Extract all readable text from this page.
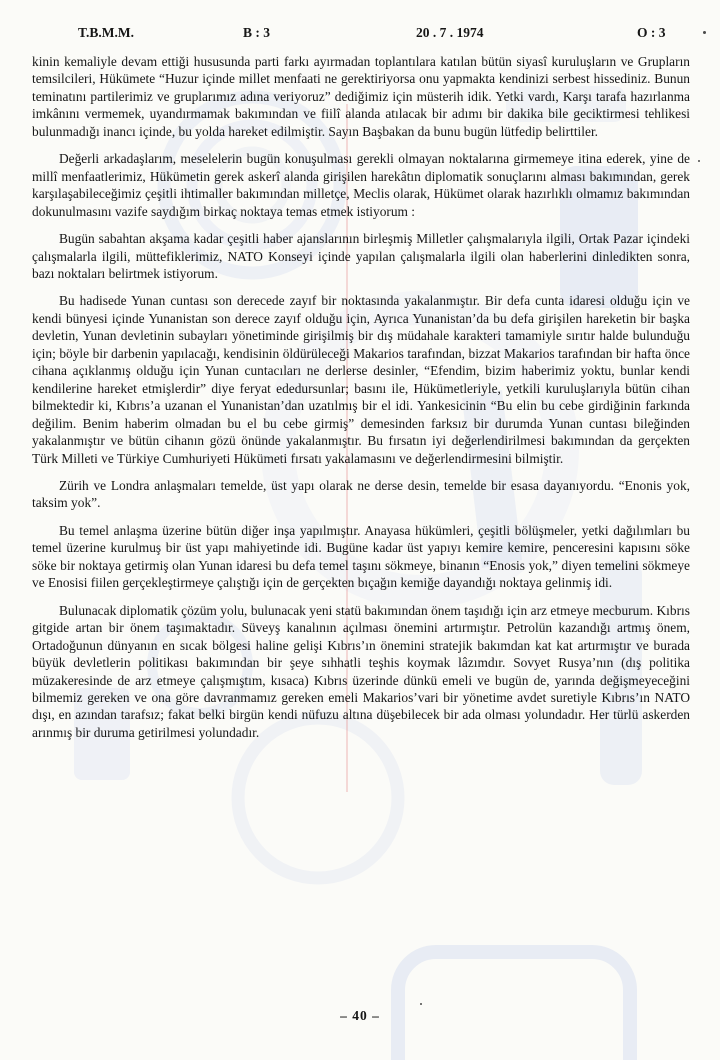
T.B.M.M.	B : 3	20 . 7 . 1974	O : 3

kinin kemaliyle devam ettiği hususunda parti farkı ayırmadan toplantılara katılan bütün siyasî kuruluşların ve Grupların temsilcileri, Hükümete “Huzur içinde millet menfaati ne gerektiriyorsa onu yapmakta kendinizi serbest hissediniz. Bunun teminatını partilerimiz ve gruplarımız adına veriyoruz” dediğimiz için müsterih idik. Yetki vardı, Karşı tarafa hazırlanma imkânını vermemek, uyandırmamak bakımından ve fiilî alanda atılacak bir adımı bir dakika bile geciktirmesi tehlikesi bulunmadığı inancı içinde, bu yolda hareket edilmiştir. Sayın Başbakan da bunu bugün lütfedip belirttiler.

Değerli arkadaşlarım, meselelerin bugün konuşulması gerekli olmayan noktalarına girmemeye itina ederek, yine de millî menfaatlerimiz, Hükümetin gerek askerî alanda girişilen harekâtın diplomatik sonuçlarını alması bakımından, gerek karşılaşabileceğimiz çeşitli ihtimaller bakımından milletçe, Meclis olarak, Hükümet olarak hazırlıklı olmamız bakımından dokunulmasını vazife saydığım birkaç noktaya temas etmek istiyorum :

Bugün sabahtan akşama kadar çeşitli haber ajanslarının birleşmiş Milletler çalışmalarıyla ilgili, Ortak Pazar içindeki çalışmalarla ilgili, müttefiklerimiz, NATO Konseyi içinde yapılan çalışmalarla ilgili olan haberlerini dinledikten sonra, bazı noktaları belirtmek istiyorum.

Bu hadisede Yunan cuntası son derecede zayıf bir noktasında yakalanmıştır. Bir defa cunta idaresi olduğu için ve kendi bünyesi içinde Yunanistan son derece zayıf olduğu için, Ayrıca Yunanistan’da bu defa girişilen hareketin bir başka devletin, Yunan devletinin subayları yönetiminde girişilmiş bir dış müdahale karakteri tamamiyle sırıtır halde bulunduğu için; böyle bir darbenin yapılacağı, kendisinin öldürüleceği Makarios tarafından, bizzat Makarios tarafından bir hafta önce cihana açıklanmış olduğu için Yunan cuntacıları ne derlerse desinler, “Efendim, bizim haberimiz yoktu, bunlar kendi kendilerine hareket etmişlerdir” diye feryat ededursunlar; basını ile, Hükümetleriyle, yetkili kuruluşlarıyla bütün cihan bilmektedir ki, Kıbrıs’a uzanan el Yunanistan’dan uzatılmış bir el idi. Yankesicinin “Bu elin bu cebe girdiğinin farkında değilim. Benim haberim olmadan bu el bu cebe girmiş” demesinden farksız bir durumda Yunan cuntası bileğinden yakalanmıştır ve bütün cihanın gözü önünde yakalanmıştır. Bu fırsatın iyi değerlendirilmesi bakımından da gerçekten Türk Milleti ve Türkiye Cumhuriyeti Hükümeti fırsatı yakalamasını ve değerlendirmesini bilmiştir.

Zürih ve Londra anlaşmaları temelde, üst yapı olarak ne derse desin, temelde bir esasa dayanıyordu. “Enonis yok, taksim yok”.

Bu temel anlaşma üzerine bütün diğer inşa yapılmıştır. Anayasa hükümleri, çeşitli bölüşmeler, yetki dağılımları bu temel üzerine kurulmuş bir üst yapı mahiyetinde idi. Bugüne kadar üst yapıyı kemire kemire, penceresini kapısını söke söke bir noktaya getirmiş olan Yunan idaresi bu defa temel taşını sökmeye, binanın “Enosis yok,” diyen temelini sökmeye ve Enosisi fiilen gerçekleştirmeye çalıştığı için de gerçekten bıçağın kemiğe dayandığı noktaya gelinmiş idi.

Bulunacak diplomatik çözüm yolu, bulunacak yeni statü bakımından önem taşıdığı için arz etmeye mecburum. Kıbrıs gitgide artan bir önem taşımaktadır. Süveyş kanalının açılması önemini artırmıştır. Petrolün kazandığı artmış önem, Ortadoğunun dünyanın en sıcak bölgesi haline gelişi Kıbrıs’ın önemini stratejik bakımdan kat kat artırmıştır ve burada büyük devletlerin politikası bakımından bir şeye sıhhatli teşhis koymak lâzımdır. Sovyet Rusya’nın (dış politika müzakeresinde de arz etmeye çalışmıştım, kısaca) Kıbrıs üzerinde dünkü emeli ve bugün de, yarında değişmeyeceğini bilmemiz gereken ve ona göre davranmamız gereken emeli Makarios’vari bir yönetime avdet suretiyle Kıbrıs’ın NATO dışı, en azından tarafsız; fakat belki birgün kendi nüfuzu altına düşebilecek bir ada olması yolundadır. Her türlü askerden arınmış bir duruma getirilmesi yolundadır.

– 40 –
